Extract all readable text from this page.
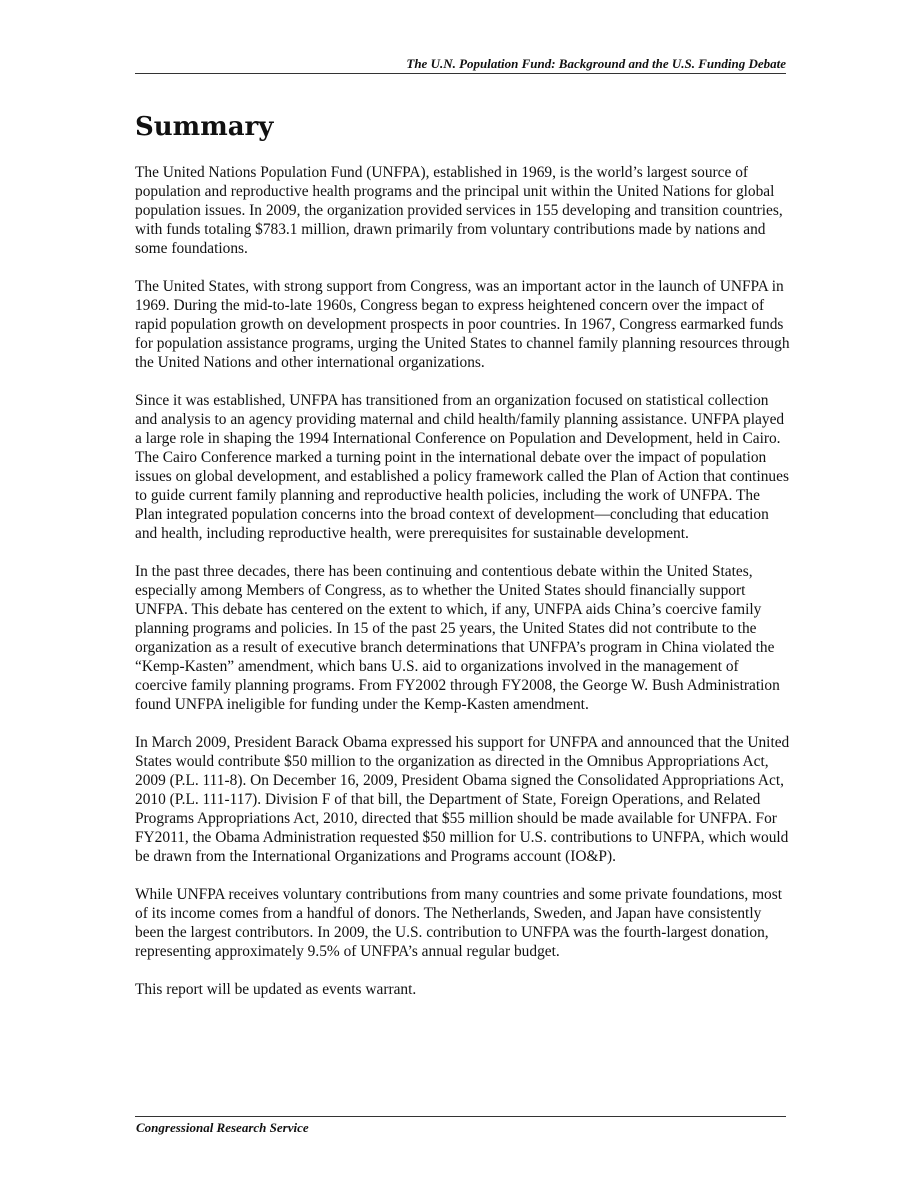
The U.N. Population Fund: Background and the U.S. Funding Debate
Summary

The United Nations Population Fund (UNFPA), established in 1969, is the world’s largest source of population and reproductive health programs and the principal unit within the United Nations for global population issues. In 2009, the organization provided services in 155 developing and transition countries, with funds totaling $783.1 million, drawn primarily from voluntary contributions made by nations and some foundations.

The United States, with strong support from Congress, was an important actor in the launch of UNFPA in 1969. During the mid-to-late 1960s, Congress began to express heightened concern over the impact of rapid population growth on development prospects in poor countries. In 1967, Congress earmarked funds for population assistance programs, urging the United States to channel family planning resources through the United Nations and other international organizations.

Since it was established, UNFPA has transitioned from an organization focused on statistical collection and analysis to an agency providing maternal and child health/family planning assistance. UNFPA played a large role in shaping the 1994 International Conference on Population and Development, held in Cairo. The Cairo Conference marked a turning point in the international debate over the impact of population issues on global development, and established a policy framework called the Plan of Action that continues to guide current family planning and reproductive health policies, including the work of UNFPA. The Plan integrated population concerns into the broad context of development—concluding that education and health, including reproductive health, were prerequisites for sustainable development.

In the past three decades, there has been continuing and contentious debate within the United States, especially among Members of Congress, as to whether the United States should financially support UNFPA. This debate has centered on the extent to which, if any, UNFPA aids China’s coercive family planning programs and policies. In 15 of the past 25 years, the United States did not contribute to the organization as a result of executive branch determinations that UNFPA’s program in China violated the “Kemp-Kasten” amendment, which bans U.S. aid to organizations involved in the management of coercive family planning programs. From FY2002 through FY2008, the George W. Bush Administration found UNFPA ineligible for funding under the Kemp-Kasten amendment.

In March 2009, President Barack Obama expressed his support for UNFPA and announced that the United States would contribute $50 million to the organization as directed in the Omnibus Appropriations Act, 2009 (P.L. 111-8). On December 16, 2009, President Obama signed the Consolidated Appropriations Act, 2010 (P.L. 111-117). Division F of that bill, the Department of State, Foreign Operations, and Related Programs Appropriations Act, 2010, directed that $55 million should be made available for UNFPA. For FY2011, the Obama Administration requested $50 million for U.S. contributions to UNFPA, which would be drawn from the International Organizations and Programs account (IO&P).

While UNFPA receives voluntary contributions from many countries and some private foundations, most of its income comes from a handful of donors. The Netherlands, Sweden, and Japan have consistently been the largest contributors. In 2009, the U.S. contribution to UNFPA was the fourth-largest donation, representing approximately 9.5% of UNFPA’s annual regular budget.

This report will be updated as events warrant.

Congressional Research Service
